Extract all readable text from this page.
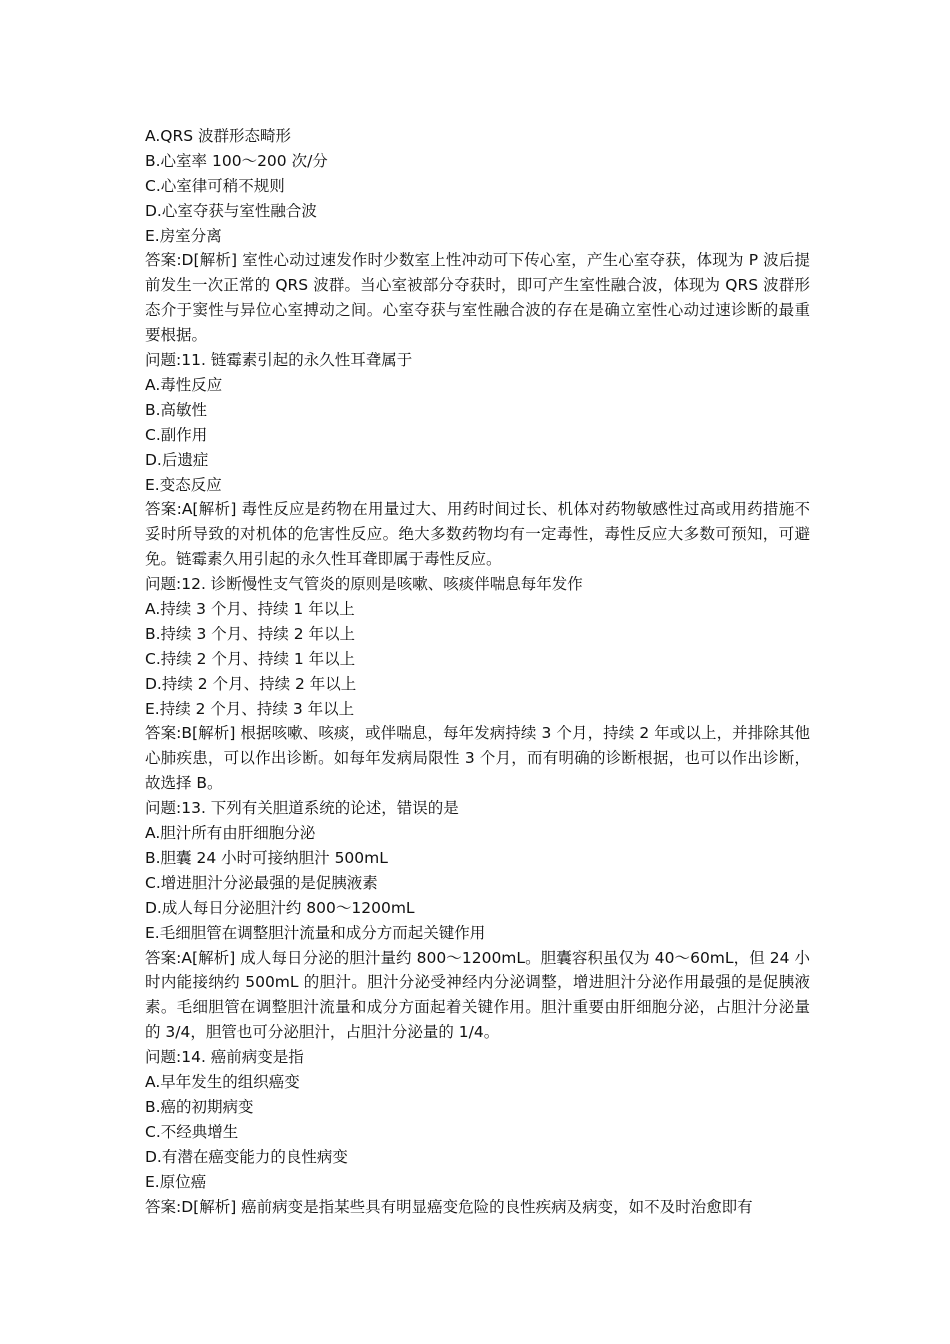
A.QRS 波群形态畸形
B.心室率 100～200 次/分
C.心室律可稍不规则
D.心室夺获与室性融合波
E.房室分离
答案:D[解析] 室性心动过速发作时少数室上性冲动可下传心室，产生心室夺获，体现为 P 波后提前发生一次正常的 QRS 波群。当心室被部分夺获时，即可产生室性融合波，体现为 QRS 波群形态介于窦性与异位心室搏动之间。心室夺获与室性融合波的存在是确立室性心动过速诊断的最重要根据。
问题:11. 链霉素引起的永久性耳聋属于
A.毒性反应
B.高敏性
C.副作用
D.后遗症
E.变态反应
答案:A[解析] 毒性反应是药物在用量过大、用药时间过长、机体对药物敏感性过高或用药措施不妥时所导致的对机体的危害性反应。绝大多数药物均有一定毒性，毒性反应大多数可预知，可避免。链霉素久用引起的永久性耳聋即属于毒性反应。
问题:12. 诊断慢性支气管炎的原则是咳嗽、咳痰伴喘息每年发作
A.持续 3 个月、持续 1 年以上
B.持续 3 个月、持续 2 年以上
C.持续 2 个月、持续 1 年以上
D.持续 2 个月、持续 2 年以上
E.持续 2 个月、持续 3 年以上
答案:B[解析] 根据咳嗽、咳痰，或伴喘息，每年发病持续 3 个月，持续 2 年或以上，并排除其他心肺疾患，可以作出诊断。如每年发病局限性 3 个月，而有明确的诊断根据，也可以作出诊断，故选择 B。
问题:13. 下列有关胆道系统的论述，错误的是
A.胆汁所有由肝细胞分泌
B.胆囊 24 小时可接纳胆汁 500mL
C.增进胆汁分泌最强的是促胰液素
D.成人每日分泌胆汁约 800～1200mL
E.毛细胆管在调整胆汁流量和成分方而起关键作用
答案:A[解析] 成人每日分泌的胆汁量约 800～1200mL。胆囊容积虽仅为 40～60mL，但 24 小时内能接纳约 500mL 的胆汁。胆汁分泌受神经内分泌调整，增进胆汁分泌作用最强的是促胰液素。毛细胆管在调整胆汁流量和成分方面起着关键作用。胆汁重要由肝细胞分泌，占胆汁分泌量的 3/4，胆管也可分泌胆汁，占胆汁分泌量的 1/4。
问题:14. 癌前病变是指
A.早年发生的组织癌变
B.癌的初期病变
C.不经典增生
D.有潜在癌变能力的良性病变
E.原位癌
答案:D[解析] 癌前病变是指某些具有明显癌变危险的良性疾病及病变，如不及时治愈即有
